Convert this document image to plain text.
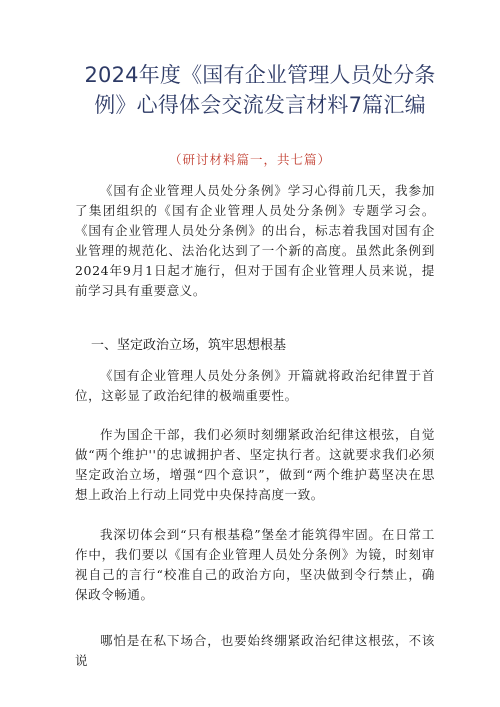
2024年度《国有企业管理人员处分条例》心得体会交流发言材料7篇汇编

（研讨材料篇一，共七篇）

《国有企业管理人员处分条例》学习心得前几天，我参加了集团组织的《国有企业管理人员处分条例》专题学习会。《国有企业管理人员处分条例》的出台，标志着我国对国有企业管理的规范化、法治化达到了一个新的高度。虽然此条例到2024年9月1日起才施行，但对于国有企业管理人员来说，提前学习具有重要意义。

一、坚定政治立场，筑牢思想根基

《国有企业管理人员处分条例》开篇就将政治纪律置于首位，这彰显了政治纪律的极端重要性。

作为国企干部，我们必须时刻绷紧政治纪律这根弦，自觉做“两个维护''的忠诚拥护者、坚定执行者。这就要求我们必须坚定政治立场，增强“四个意识”，做到“两个维护葛坚决在思想上政治上行动上同党中央保持高度一致。

我深切体会到“只有根基稳”堡垒才能筑得牢固。在日常工作中，我们要以《国有企业管理人员处分条例》为镜，时刻审视自己的言行“校准自己的政治方向，坚决做到令行禁止，确保政令畅通。

哪怕是在私下场合，也要始终绷紧政治纪律这根弦，不该说
